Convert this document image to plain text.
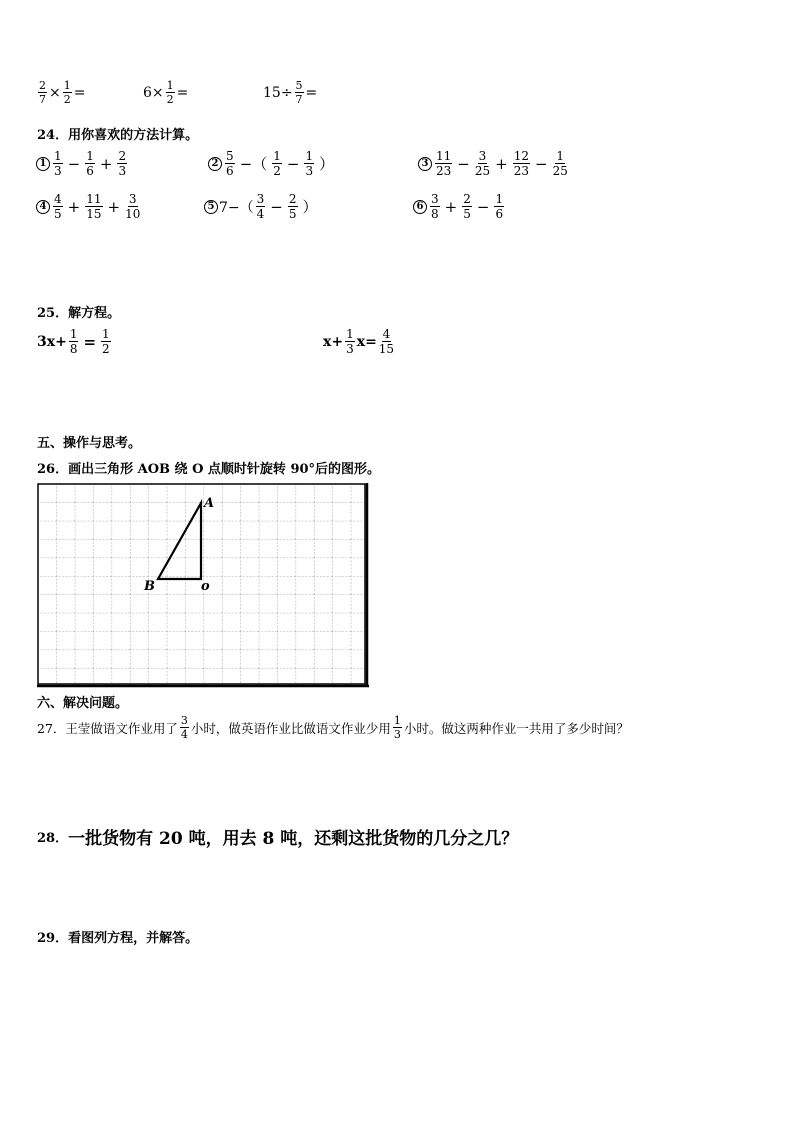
$\frac{2}{7} \times \frac{1}{2}$ =	$6\times \frac{1}{2}$ =	$15\div \frac{5}{7}$ =
24．用你喜欢的方法计算。
$1 \frac{1}{3} - \frac{1}{6} + \frac{2}{3}$	$2 \frac{5}{6}$ −（ $\frac{1}{2} - \frac{1}{3}$ ）	$3 \frac{11}{23} - \frac{3}{25} + \frac{12}{23} - \frac{1}{25}$
$4 \frac{4}{5} + \frac{11}{15} + \frac{3}{10}$	5 $7-( \frac{3}{4} - \frac{2}{5}$ ）	$6 \frac{3}{8} + \frac{2}{5} - \frac{1}{6}$
25．解方程。
$3x+ \frac{1}{8} = \frac{1}{2}$	$x+ \frac{1}{3} x= \frac{4}{15}$
五、操作与思考。
26．画出三角形 AOB 绕 O 点顺时针旋转 90°后的图形。
A
B	o
六、解决问题。
27．王莹做语文作业用了 $\frac{3}{4}$ 小时，做英语作业比做语文作业少用 $\frac{1}{3}$ 小时。做这两种作业一共用了多少时间？
28． 一批货物有 20 吨，用去 8 吨，还剩这批货物的几分之几？
29．看图列方程，并解答。
